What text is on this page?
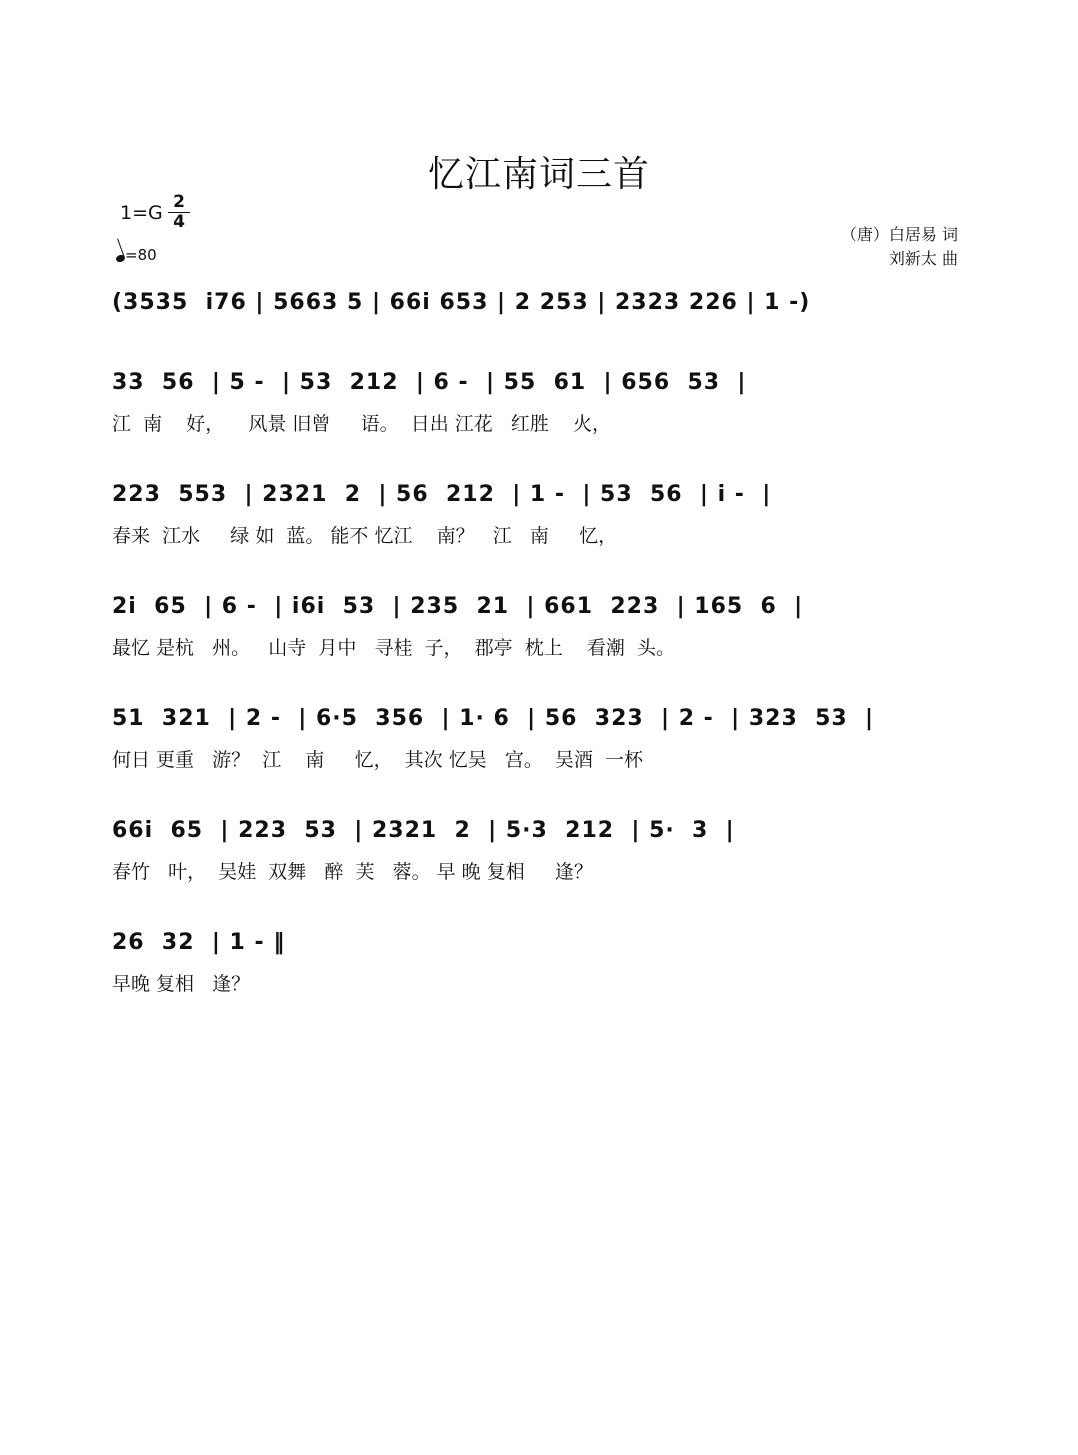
忆江南词三首
$1=G \frac{2}{4}$
=80
（唐）白居易 词
刘新太 曲
(3535  i76 | 5663 5 | 66i 653 | 2 253 | 2323 226 | 1 -)
33  56  | 5 -  | 53  212  | 6 -  | 55  61  | 656  53  |
江  南    好，    风景 旧曾     语。  日出 江花   红胜    火，
223  553  | 2321  2  | 56  212  | 1 -  | 53  56  | i -  |
春来  江水     绿 如  蓝。 能不 忆江    南？   江   南     忆，
2i  65  | 6 -  | i6i  53  | 235  21  | 661  223  | 165  6  |
最忆 是杭   州。   山寺  月中   寻桂  子，  郡亭  枕上    看潮  头。
51  321  | 2 -  | 6·5  356  | 1· 6  | 56  323  | 2 -  | 323  53  |
何日 更重   游？  江    南     忆，  其次 忆吴   宫。  吴酒  一杯
66i  65  | 223  53  | 2321  2  | 5·3  212  | 5·  3  |
春竹   叶，  吴娃  双舞   醉  芙   蓉。 早 晚 复相     逢？
26  32  | 1 - ‖
早晚 复相   逢？
